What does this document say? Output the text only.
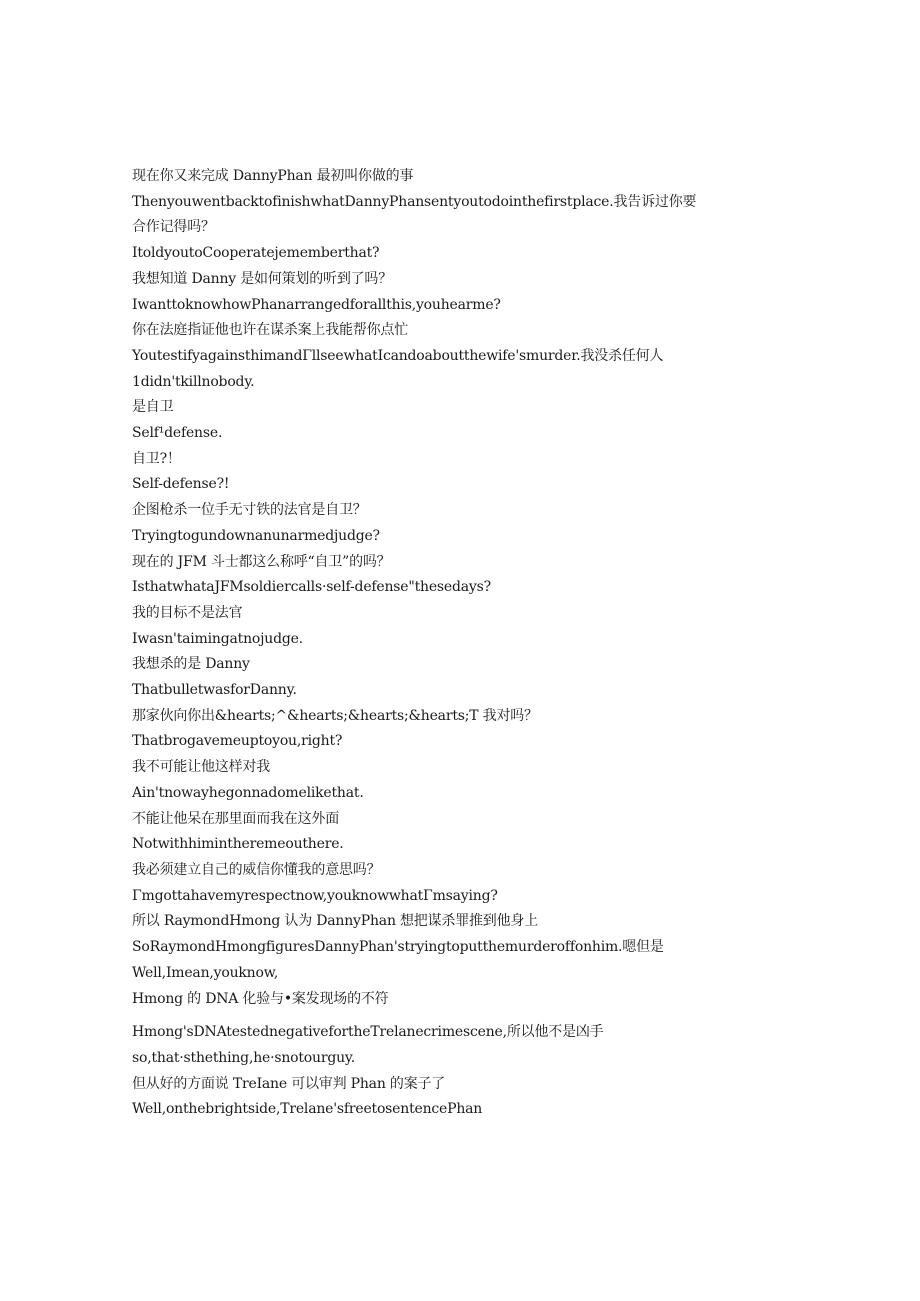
现在你又来完成 DannyPhan 最初叫你做的事
ThenyouwentbacktofinishwhatDannyPhansentyoutodointhefirstplace.我告诉过你要
合作记得吗？
ItoldyoutoCooperatejememberthat?
我想知道 Danny 是如何策划的听到了吗？
IwanttoknowhowPhanarrangedforallthis,youhearme?
你在法庭指证他也许在谋杀案上我能帮你点忙
YoutestifyagainsthimandΓllseewhatIcandoaboutthewife'smurder.我没杀任何人
1didn'tkillnobody.
是自卫
Self¹defense.
自卫?！
Self-defense?!
企图枪杀一位手无寸铁的法官是自卫？
Tryingtogundownanunarmedjudge?
现在的 JFM 斗士都这么称呼“自卫”的吗？
IsthatwhataJFMsoldiercalls·self-defense"thesedays?
我的目标不是法官
Iwasn'taimingatnojudge.
我想杀的是 Danny
ThatbulletwasforDanny.
那家伙向你出&hearts;^&hearts;&hearts;&hearts;T 我对吗？
Thatbrogavemeuptoyou,right?
我不可能让他这样对我
Ain'tnowayhegonnadomelikethat.
不能让他呆在那里面而我在这外面
Notwithhimintheremeouthere.
我必须建立自己的威信你懂我的意思吗？
Γmgottahavemyrespectnow,youknowwhatΓmsaying?
所以 RaymondHmong 认为 DannyPhan 想把谋杀罪推到他身上
SoRaymondHmongfiguresDannyPhan'stryingtoputthemurderoffonhim.嗯但是
Well,Imean,youknow,
Hmong 的 DNA 化验与•案发现场的不符
Hmong'sDNAtestednegativefortheTrelanecrimescene,所以他不是凶手
so,that·sthething,he·snotourguy.
但从好的方面说 TreIane 可以审判 Phan 的案子了
Well,onthebrightside,Trelane'sfreetosentencePhan
